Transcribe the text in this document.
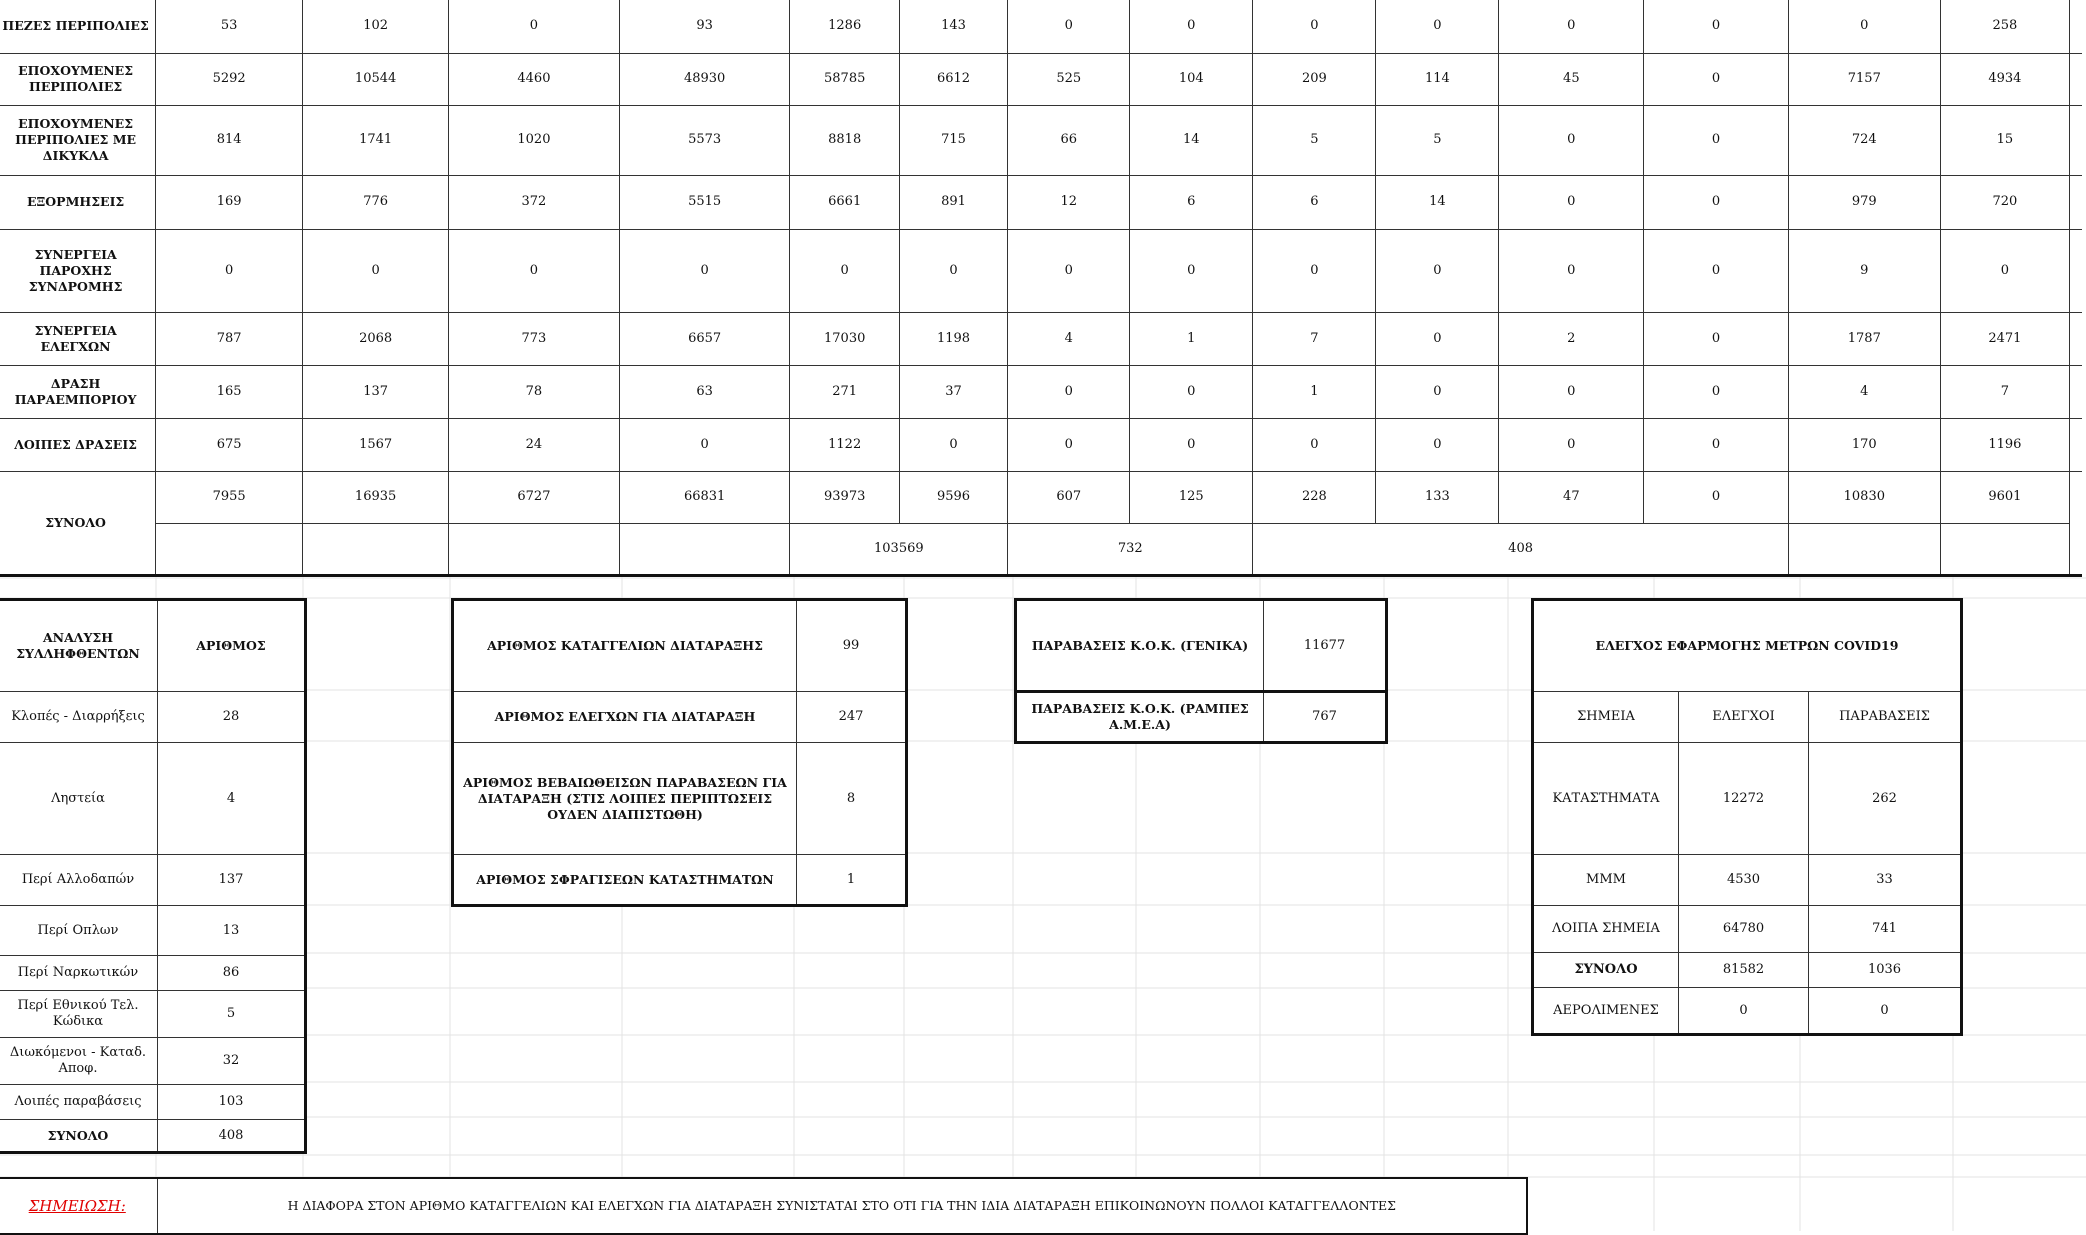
ΠΕΖΕΣ ΠΕΡΙΠΟΛΙΕΣ	53	102	0	93	1286	143	0	0	0	0	0	0	0	258	
ΕΠΟΧΟΥΜΕΝΕΣ ΠΕΡΙΠΟΛΙΕΣ	5292	10544	4460	48930	58785	6612	525	104	209	114	45	0	7157	4934	
ΕΠΟΧΟΥΜΕΝΕΣ ΠΕΡΙΠΟΛΙΕΣ ΜΕ ΔΙΚΥΚΛΑ	814	1741	1020	5573	8818	715	66	14	5	5	0	0	724	15	
ΕΞΟΡΜΗΣΕΙΣ	169	776	372	5515	6661	891	12	6	6	14	0	0	979	720	
ΣΥΝΕΡΓΕΙΑ ΠΑΡΟΧΗΣ ΣΥΝΔΡΟΜΗΣ	0	0	0	0	0	0	0	0	0	0	0	0	9	0	
ΣΥΝΕΡΓΕΙΑ ΕΛΕΓΧΩΝ	787	2068	773	6657	17030	1198	4	1	7	0	2	0	1787	2471	
ΔΡΑΣΗ ΠΑΡΑΕΜΠΟΡΙΟΥ	165	137	78	63	271	37	0	0	1	0	0	0	4	7	
ΛΟΙΠΕΣ ΔΡΑΣΕΙΣ	675	1567	24	0	1122	0	0	0	0	0	0	0	170	1196	
ΣΥΝΟΛΟ	7955	16935	6727	66831	93973	9596	607	125	228	133	47	0	10830	9601	
					103569		732		408						
ΑΝΑΛΥΣΗ ΣΥΛΛΗΦΘΕΝΤΩΝ	ΑΡΙΘΜΟΣ
Κλοπές - Διαρρήξεις	28
Ληστεία	4
Περί Αλλοδαπών	137
Περί Οπλων	13
Περί Ναρκωτικών	86
Περί Εθνικού Τελ. Κώδικα	5
Διωκόμενοι - Καταδ. Αποφ.	32
Λοιπές παραβάσεις	103
ΣΥΝΟΛΟ	408
ΑΡΙΘΜΟΣ ΚΑΤΑΓΓΕΛΙΩΝ ΔΙΑΤΑΡΑΞΗΣ	99
ΑΡΙΘΜΟΣ ΕΛΕΓΧΩΝ ΓΙΑ ΔΙΑΤΑΡΑΞΗ	247
ΑΡΙΘΜΟΣ ΒΕΒΑΙΩΘΕΙΣΩΝ ΠΑΡΑΒΑΣΕΩΝ ΓΙΑ ΔΙΑΤΑΡΑΞΗ (ΣΤΙΣ ΛΟΙΠΕΣ ΠΕΡΙΠΤΩΣΕΙΣ ΟΥΔΕΝ ΔΙΑΠΙΣΤΩΘΗ)	8
ΑΡΙΘΜΟΣ ΣΦΡΑΓΙΣΕΩΝ ΚΑΤΑΣΤΗΜΑΤΩΝ	1
ΠΑΡΑΒΑΣΕΙΣ Κ.Ο.Κ. (ΓΕΝΙΚΑ)	11677
ΠΑΡΑΒΑΣΕΙΣ Κ.Ο.Κ. (ΡΑΜΠΕΣ Α.Μ.Ε.Α)	767
ΕΛΕΓΧΟΣ ΕΦΑΡΜΟΓΗΣ ΜΕΤΡΩΝ COVID19		
ΣΗΜΕΙΑ	ΕΛΕΓΧΟΙ	ΠΑΡΑΒΑΣΕΙΣ
ΚΑΤΑΣΤΗΜΑΤΑ	12272	262
ΜΜΜ	4530	33
ΛΟΙΠΑ ΣΗΜΕΙΑ	64780	741
ΣΥΝΟΛΟ	81582	1036
ΑΕΡΟΛΙΜΕΝΕΣ	0	0
ΣΗΜΕΙΩΣΗ:	Η ΔΙΑΦΟΡΑ ΣΤΟΝ ΑΡΙΘΜΟ ΚΑΤΑΓΓΕΛΙΩΝ ΚΑΙ ΕΛΕΓΧΩΝ ΓΙΑ ΔΙΑΤΑΡΑΞΗ ΣΥΝΙΣΤΑΤΑΙ ΣΤΟ ΟΤΙ ΓΙΑ ΤΗΝ ΙΔΙΑ ΔΙΑΤΑΡΑΞΗ ΕΠΙΚΟΙΝΩΝΟΥΝ ΠΟΛΛΟΙ ΚΑΤΑΓΓΕΛΛΟΝΤΕΣ
